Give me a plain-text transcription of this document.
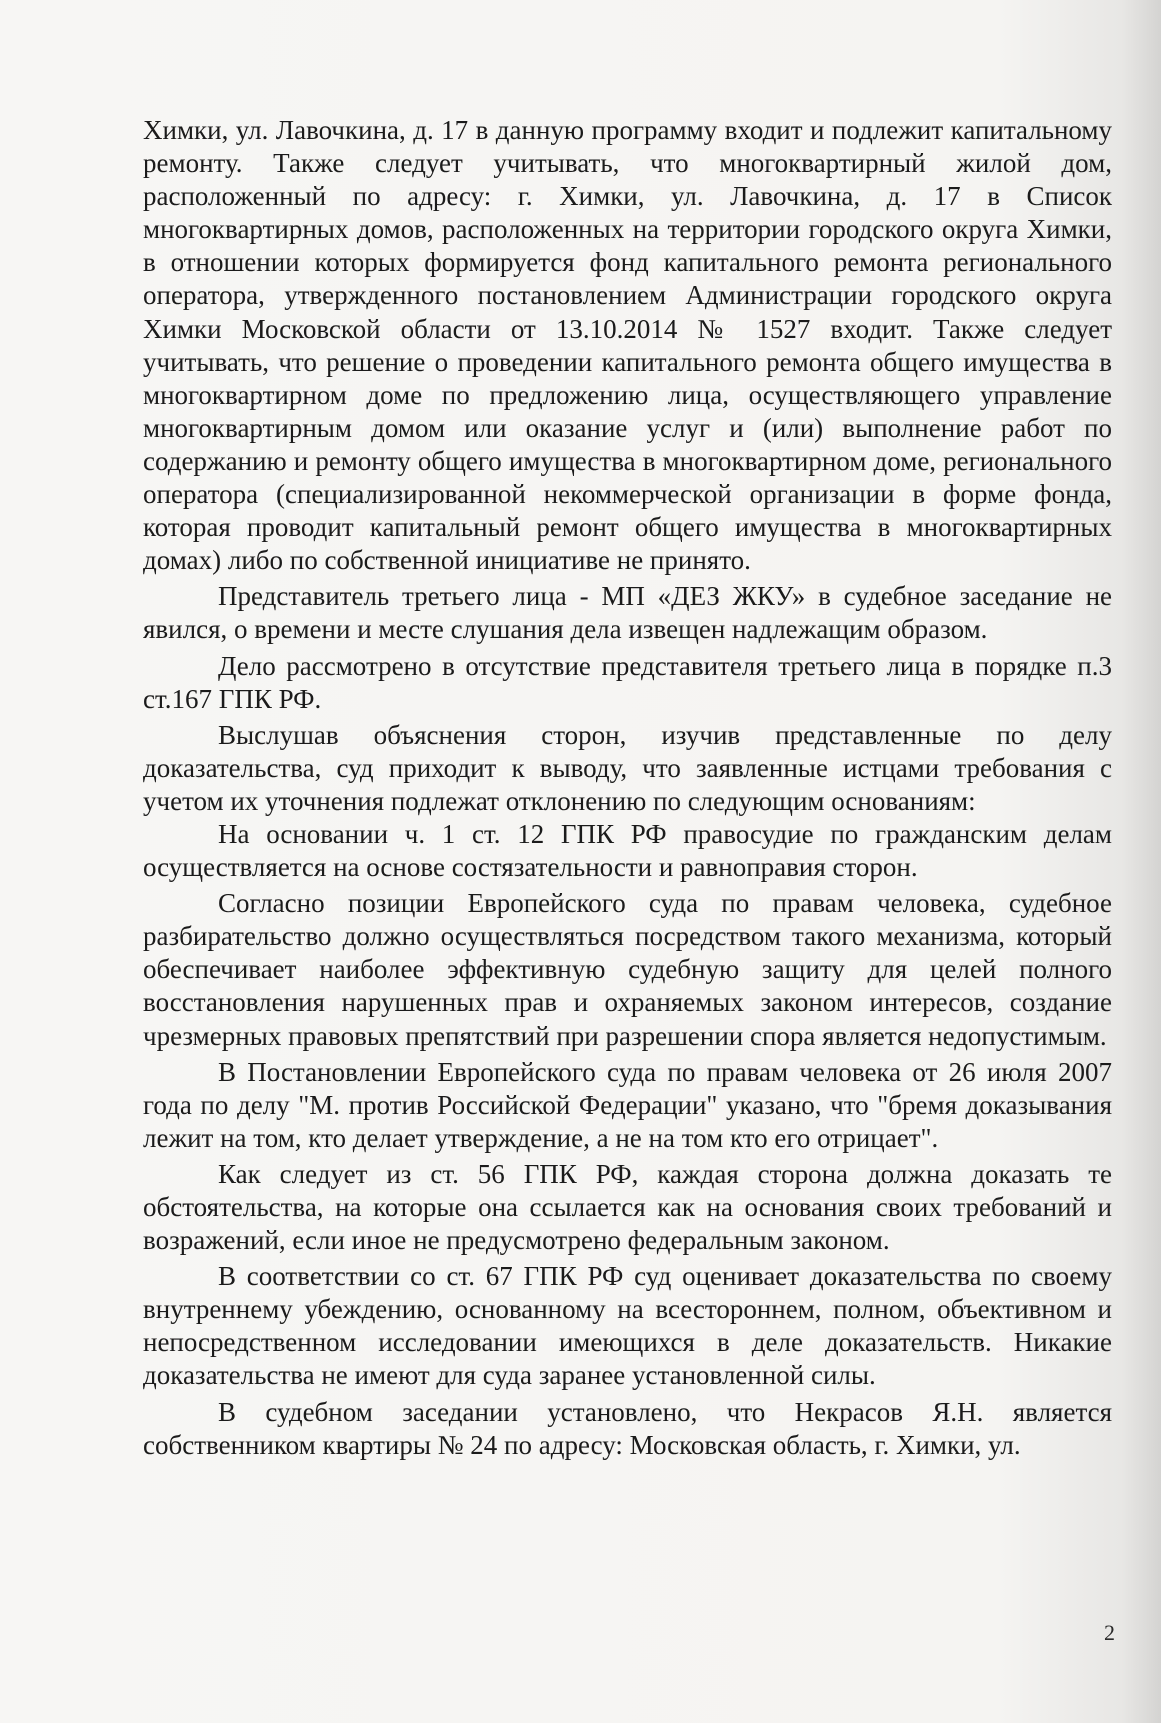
Химки, ул. Лавочкина, д. 17 в данную программу входит и подлежит капитальному ремонту. Также следует учитывать, что многоквартирный жилой дом, расположенный по адресу: г. Химки, ул. Лавочкина, д. 17 в Список многоквартирных домов, расположенных на территории городского округа Химки, в отношении которых формируется фонд капитального ремонта регионального оператора, утвержденного постановлением Администрации городского округа Химки Московской области от 13.10.2014 № 1527 входит. Также следует учитывать, что решение о проведении капитального ремонта общего имущества в многоквартирном доме по предложению лица, осуществляющего управление многоквартирным домом или оказание услуг и (или) выполнение работ по содержанию и ремонту общего имущества в многоквартирном доме, регионального оператора (специализированной некоммерческой организации в форме фонда, которая проводит капитальный ремонт общего имущества в многоквартирных домах) либо по собственной инициативе не принято.

Представитель третьего лица - МП «ДЕЗ ЖКУ» в судебное заседание не явился, о времени и месте слушания дела извещен надлежащим образом.

Дело рассмотрено в отсутствие представителя третьего лица в порядке п.3 ст.167 ГПК РФ.

Выслушав объяснения сторон, изучив представленные по делу доказательства, суд приходит к выводу, что заявленные истцами требования с учетом их уточнения подлежат отклонению по следующим основаниям:

На основании ч. 1 ст. 12 ГПК РФ правосудие по гражданским делам осуществляется на основе состязательности и равноправия сторон.

Согласно позиции Европейского суда по правам человека, судебное разбирательство должно осуществляться посредством такого механизма, который обеспечивает наиболее эффективную судебную защиту для целей полного восстановления нарушенных прав и охраняемых законом интересов, создание чрезмерных правовых препятствий при разрешении спора является недопустимым.

В Постановлении Европейского суда по правам человека от 26 июля 2007 года по делу "М. против Российской Федерации" указано, что "бремя доказывания лежит на том, кто делает утверждение, а не на том кто его отрицает".

Как следует из ст. 56 ГПК РФ, каждая сторона должна доказать те обстоятельства, на которые она ссылается как на основания своих требований и возражений, если иное не предусмотрено федеральным законом.

В соответствии со ст. 67 ГПК РФ суд оценивает доказательства по своему внутреннему убеждению, основанному на всестороннем, полном, объективном и непосредственном исследовании имеющихся в деле доказательств. Никакие доказательства не имеют для суда заранее установленной силы.

В судебном заседании установлено, что Некрасов Я.Н. является собственником квартиры № 24 по адресу: Московская область, г. Химки, ул.

2
